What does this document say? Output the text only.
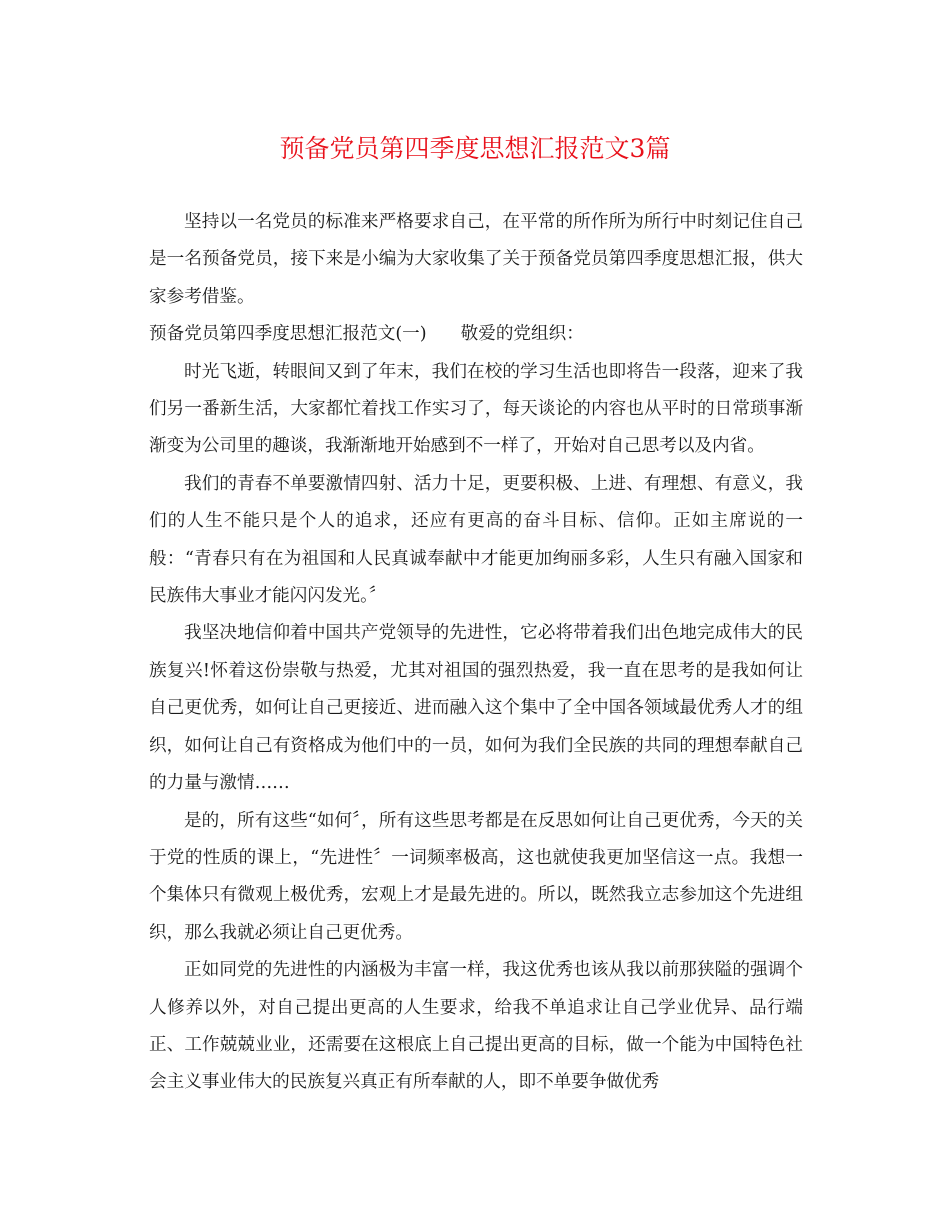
预备党员第四季度思想汇报范文3篇

坚持以一名党员的标准来严格要求自己，在平常的所作所为所行中时刻记住自己是一名预备党员，接下来是小编为大家收集了关于预备党员第四季度思想汇报，供大家参考借鉴。

预备党员第四季度思想汇报范文(一) 敬爱的党组织：

时光飞逝，转眼间又到了年末，我们在校的学习生活也即将告一段落，迎来了我们另一番新生活，大家都忙着找工作实习了，每天谈论的内容也从平时的日常琐事渐渐变为公司里的趣谈，我渐渐地开始感到不一样了，开始对自己思考以及内省。

我们的青春不单要激情四射、活力十足，更要积极、上进、有理想、有意义，我们的人生不能只是个人的追求，还应有更高的奋斗目标、信仰。正如主席说的一般：“青春只有在为祖国和人民真诚奉献中才能更加绚丽多彩，人生只有融入国家和民族伟大事业才能闪闪发光。〞

我坚决地信仰着中国共产党领导的先进性，它必将带着我们出色地完成伟大的民族复兴!怀着这份崇敬与热爱，尤其对祖国的强烈热爱，我一直在思考的是我如何让自己更优秀，如何让自己更接近、进而融入这个集中了全中国各领域最优秀人才的组织，如何让自己有资格成为他们中的一员，如何为我们全民族的共同的理想奉献自己的力量与激情……

是的，所有这些“如何〞，所有这些思考都是在反思如何让自己更优秀，今天的关于党的性质的课上，“先进性〞一词频率极高，这也就使我更加坚信这一点。我想一个集体只有微观上极优秀，宏观上才是最先进的。所以，既然我立志参加这个先进组织，那么我就必须让自己更优秀。

正如同党的先进性的内涵极为丰富一样，我这优秀也该从我以前那狭隘的强调个人修养以外，对自己提出更高的人生要求，给我不单追求让自己学业优异、品行端正、工作兢兢业业，还需要在这根底上自己提出更高的目标，做一个能为中国特色社会主义事业伟大的民族复兴真正有所奉献的人，即不单要争做优秀
